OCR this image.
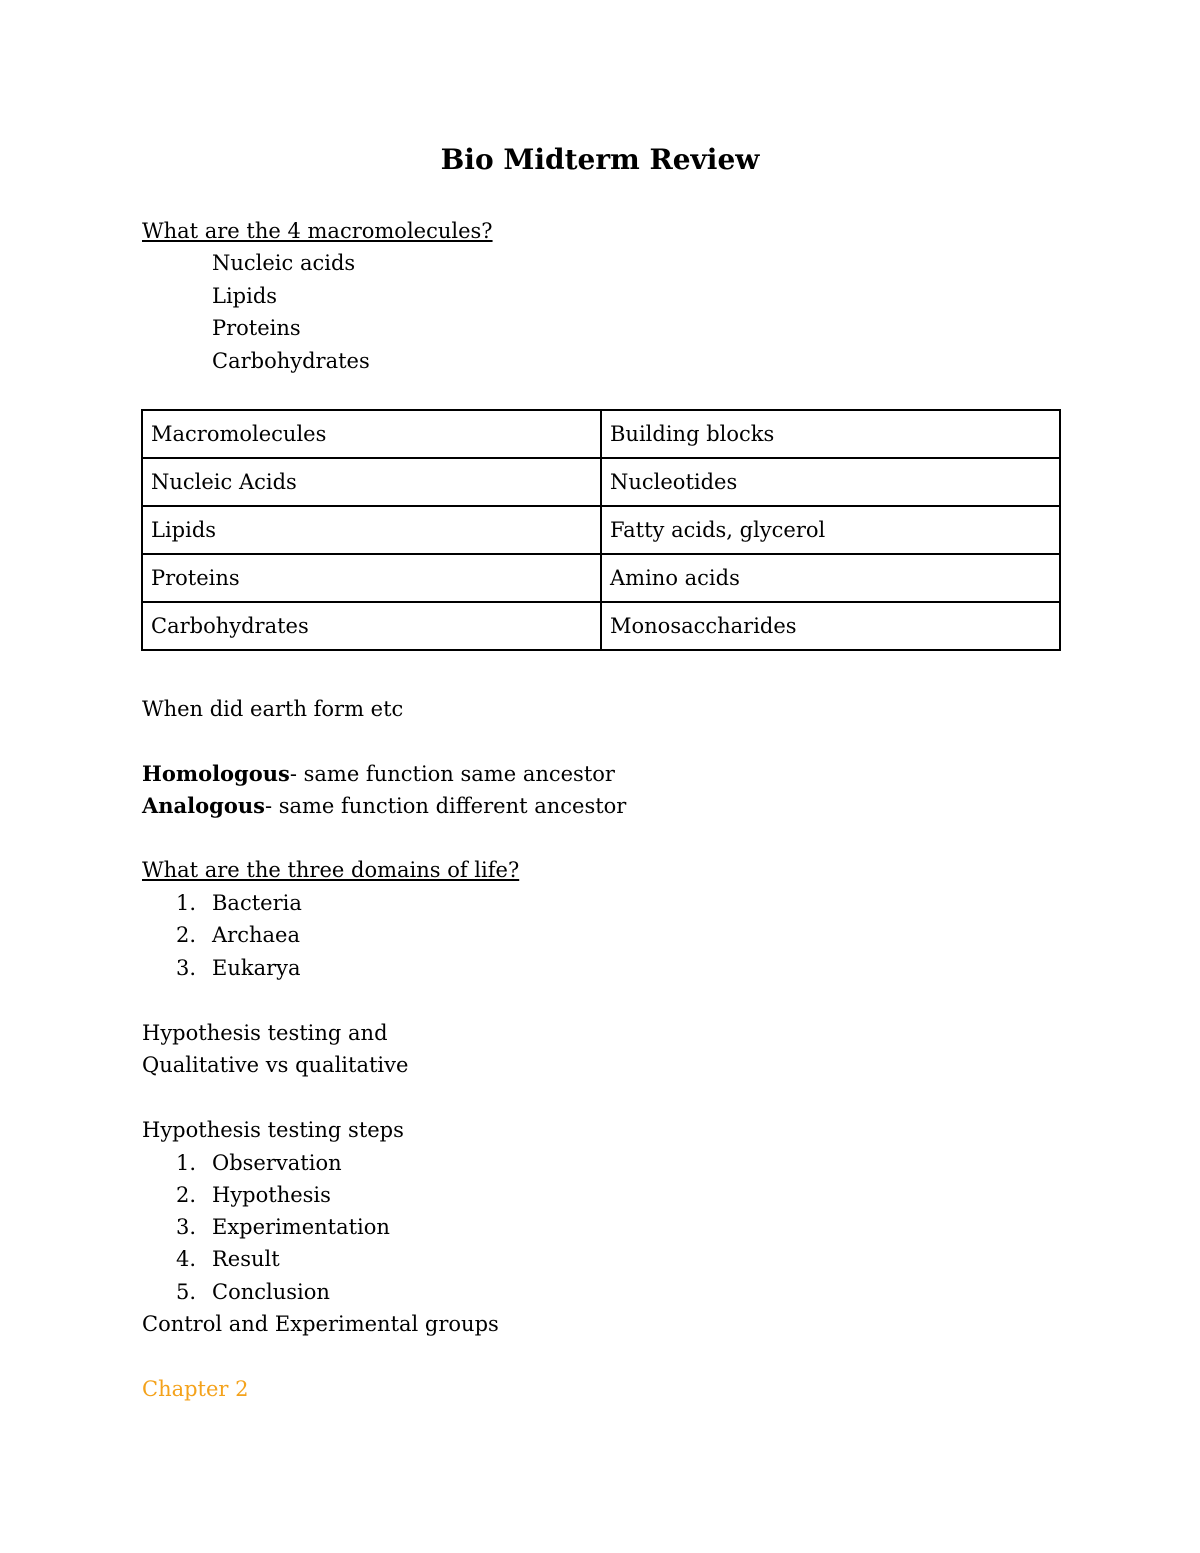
Bio Midterm Review
What are the 4 macromolecules?
Nucleic acids
Lipids
Proteins
Carbohydrates
Macromolecules	Building blocks
Nucleic Acids	Nucleotides
Lipids	Fatty acids, glycerol
Proteins	Amino acids
Carbohydrates	Monosaccharides
When did earth form etc
Homologous- same function same ancestor
Analogous- same function different ancestor
What are the three domains of life?
1. Bacteria
2. Archaea
3. Eukarya
Hypothesis testing and
Qualitative vs qualitative
Hypothesis testing steps
1. Observation
2. Hypothesis
3. Experimentation
4. Result
5. Conclusion
Control and Experimental groups
Chapter 2
